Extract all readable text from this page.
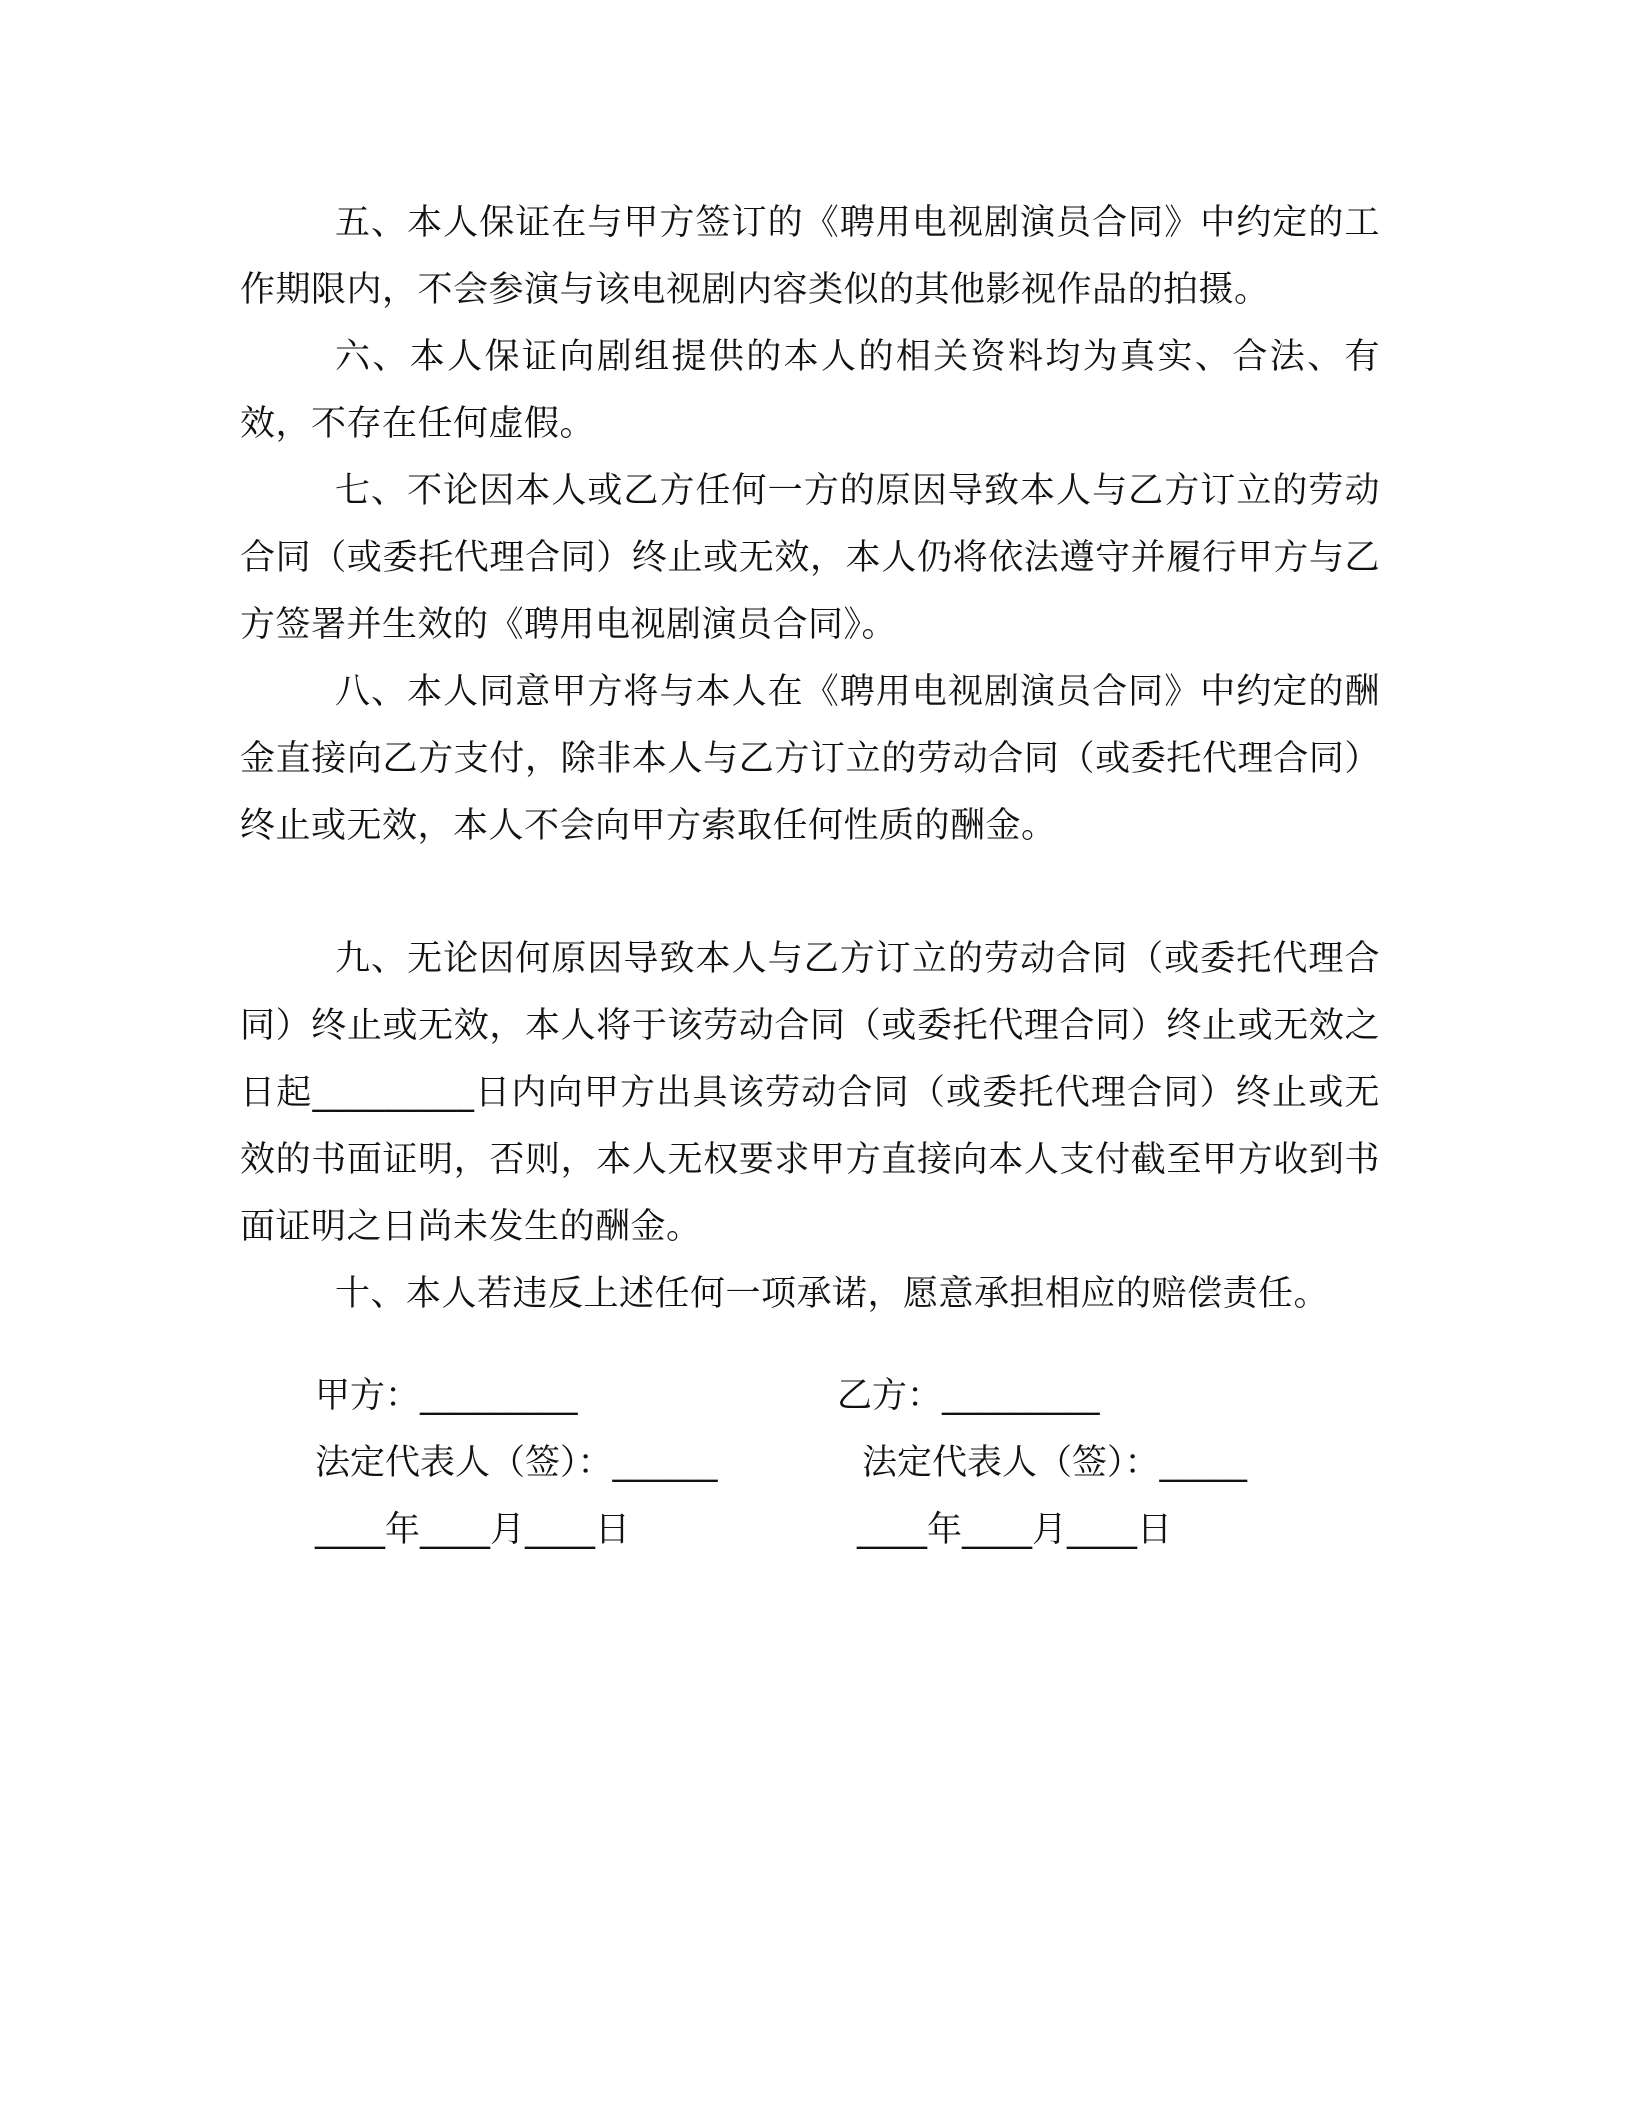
五、本人保证在与甲方签订的《聘用电视剧演员合同》中约定的工作期限内，不会参演与该电视剧内容类似的其他影视作品的拍摄。

六、本人保证向剧组提供的本人的相关资料均为真实、合法、有效，不存在任何虚假。

七、不论因本人或乙方任何一方的原因导致本人与乙方订立的劳动合同（或委托代理合同）终止或无效，本人仍将依法遵守并履行甲方与乙方签署并生效的《聘用电视剧演员合同》。

八、本人同意甲方将与本人在《聘用电视剧演员合同》中约定的酬金直接向乙方支付，除非本人与乙方订立的劳动合同（或委托代理合同）终止或无效，本人不会向甲方索取任何性质的酬金。

九、无论因何原因导致本人与乙方订立的劳动合同（或委托代理合同）终止或无效，本人将于该劳动合同（或委托代理合同）终止或无效之日起_________日内向甲方出具该劳动合同（或委托代理合同）终止或无效的书面证明，否则，本人无权要求甲方直接向本人支付截至甲方收到书面证明之日尚未发生的酬金。

十、本人若违反上述任何一项承诺，愿意承担相应的赔偿责任。

甲方：_________	乙方：_________
法定代表人（签）：______	法定代表人（签）：_____
____年____月____日	____年____月____日
